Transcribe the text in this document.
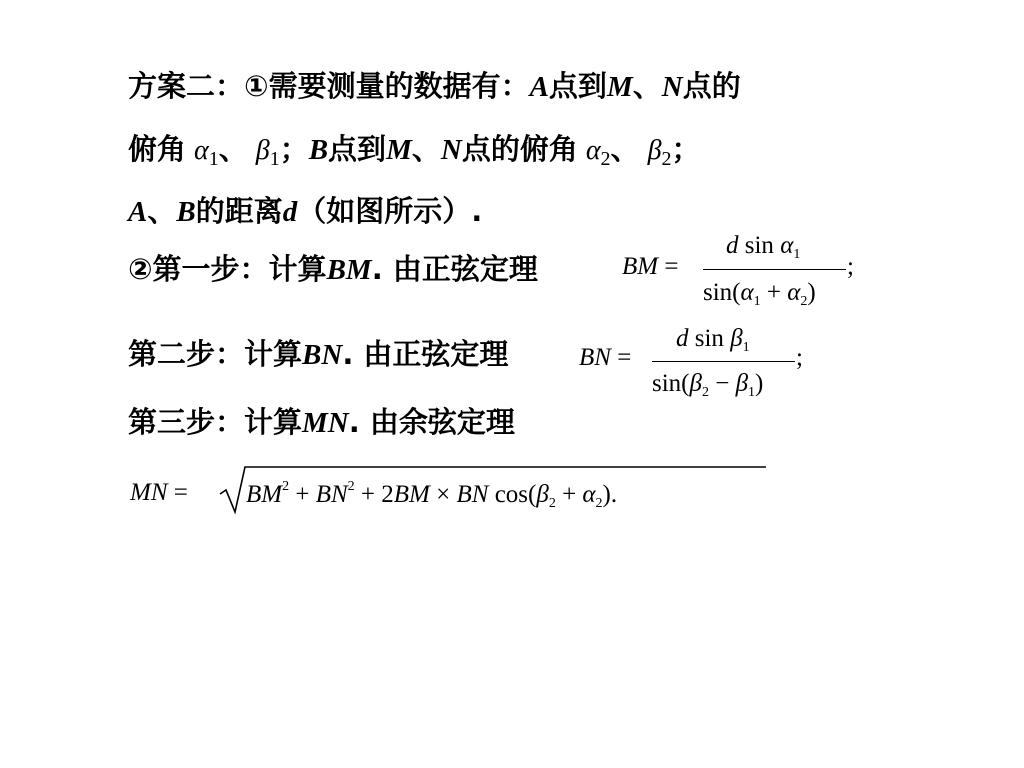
方案二：①需要测量的数据有：A点到M、N点的
俯角 $\alpha_1$、 $\beta_1$；B点到M、N点的俯角 $\alpha_2$、 $\beta_2$；
A、B的距离d（如图所示）.
②第一步：计算BM. 由正弦定理	BM =
d $\sin \alpha_1$
$\sin(\alpha_1 + \alpha_2)$
;
第二步：计算BN. 由正弦定理	BN =
d $\sin \beta_1$
$\sin(\beta_2 - \beta_1)$
;
第三步：计算MN. 由余弦定理
MN = $BM^2 + BN^2 + 2BM$ × BN $\cos(\beta_2 + \alpha_2)$.
